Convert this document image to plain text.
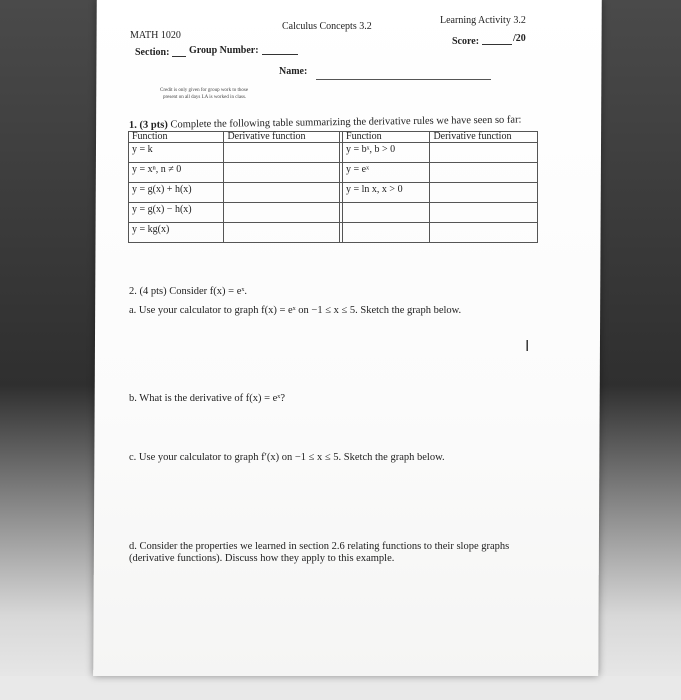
MATH 1020
Calculus Concepts 3.2
Learning Activity 3.2
Section: Group Number:
Score:	/20
Name:
Credit is only given for group work to those
present on all days LA is worked in class.
1. (3 pts) Complete the following table summarizing the derivative rules we have seen so far:
Function	Derivative function		Function	Derivative function
y = k			y = bˣ, b > 0	
y = xⁿ, n ≠ 0			y = eˣ	
y = g(x) + h(x)			y = ln x, x > 0	
y = g(x) − h(x)				
y = kg(x)				
2. (4 pts) Consider f(x) = eˣ.
a. Use your calculator to graph f(x) = eˣ on −1 ≤ x ≤ 5. Sketch the graph below.
I
b. What is the derivative of f(x) = eˣ?
c. Use your calculator to graph f′(x) on −1 ≤ x ≤ 5. Sketch the graph below.
d. Consider the properties we learned in section 2.6 relating functions to their slope graphs
(derivative functions). Discuss how they apply to this example.
